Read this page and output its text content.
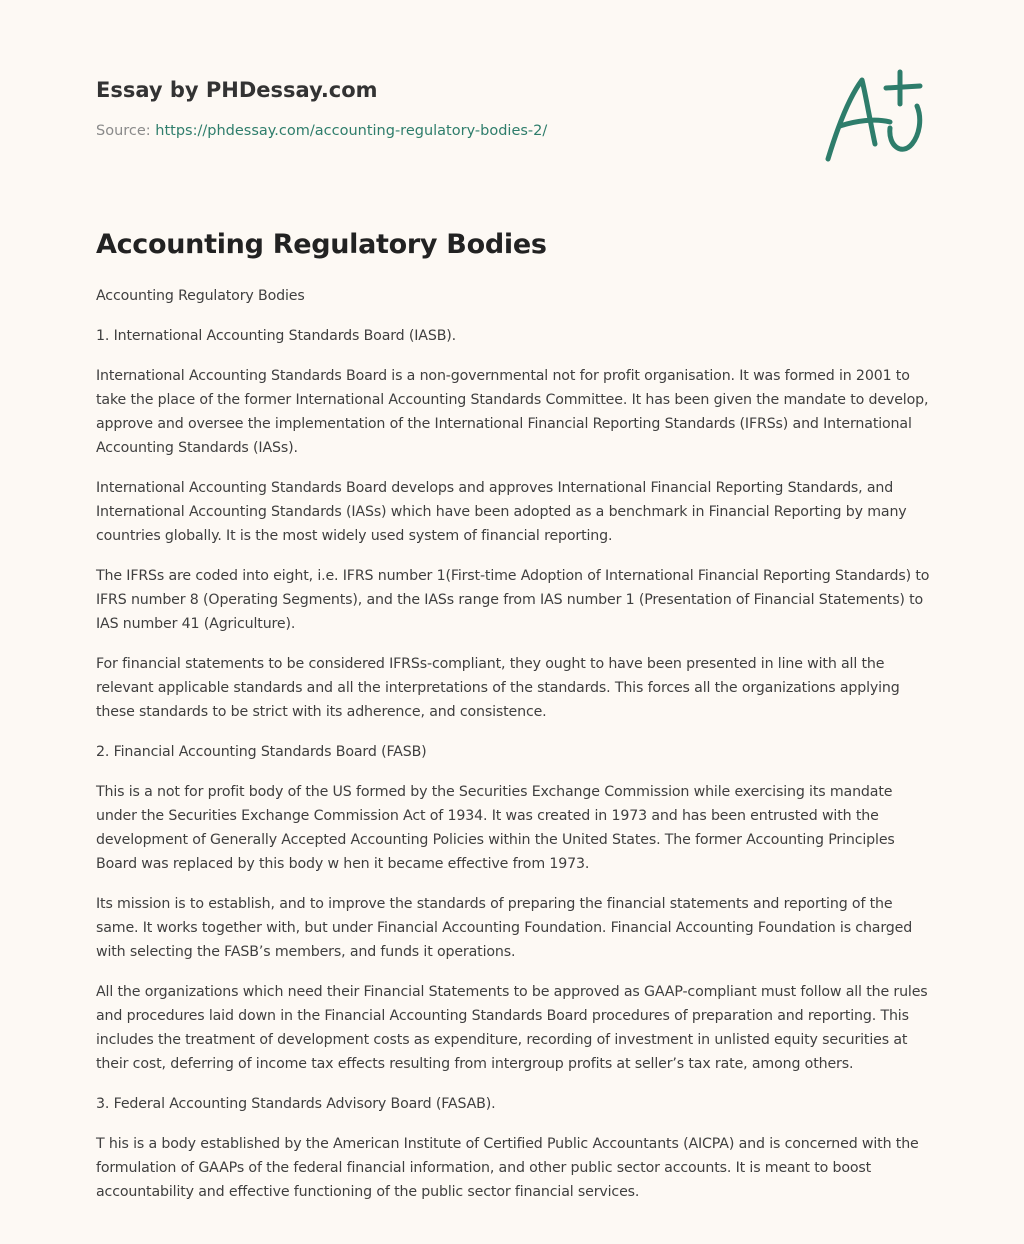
Essay by PHDessay.com
Source: https://phdessay.com/accounting-regulatory-bodies-2/
Accounting Regulatory Bodies

Accounting Regulatory Bodies

1. International Accounting Standards Board (IASB).

International Accounting Standards Board is a non-governmental not for profit organisation. It was formed in 2001 to take the place of the former International Accounting Standards Committee. It has been given the mandate to develop, approve and oversee the implementation of the International Financial Reporting Standards (IFRSs) and International Accounting Standards (IASs).

International Accounting Standards Board develops and approves International Financial Reporting Standards, and International Accounting Standards (IASs) which have been adopted as a benchmark in Financial Reporting by many countries globally. It is the most widely used system of financial reporting.

The IFRSs are coded into eight, i.e. IFRS number 1(First-time Adoption of International Financial Reporting Standards) to IFRS number 8 (Operating Segments), and the IASs range from IAS number 1 (Presentation of Financial Statements) to IAS number 41 (Agriculture).

For financial statements to be considered IFRSs-compliant, they ought to have been presented in line with all the relevant applicable standards and all the interpretations of the standards. This forces all the organizations applying these standards to be strict with its adherence, and consistence.

2. Financial Accounting Standards Board (FASB)

This is a not for profit body of the US formed by the Securities Exchange Commission while exercising its mandate under the Securities Exchange Commission Act of 1934. It was created in 1973 and has been entrusted with the development of Generally Accepted Accounting Policies within the United States. The former Accounting Principles Board was replaced by this body w hen it became effective from 1973.

Its mission is to establish, and to improve the standards of preparing the financial statements and reporting of the same. It works together with, but under Financial Accounting Foundation. Financial Accounting Foundation is charged with selecting the FASB’s members, and funds it operations.

All the organizations which need their Financial Statements to be approved as GAAP-compliant must follow all the rules and procedures laid down in the Financial Accounting Standards Board procedures of preparation and reporting. This includes the treatment of development costs as expenditure, recording of investment in unlisted equity securities at their cost, deferring of income tax effects resulting from intergroup profits at seller’s tax rate, among others.

3. Federal Accounting Standards Advisory Board (FASAB).

T his is a body established by the American Institute of Certified Public Accountants (AICPA) and is concerned with the formulation of GAAPs of the federal financial information, and other public sector accounts. It is meant to boost accountability and effective functioning of the public sector financial services.
